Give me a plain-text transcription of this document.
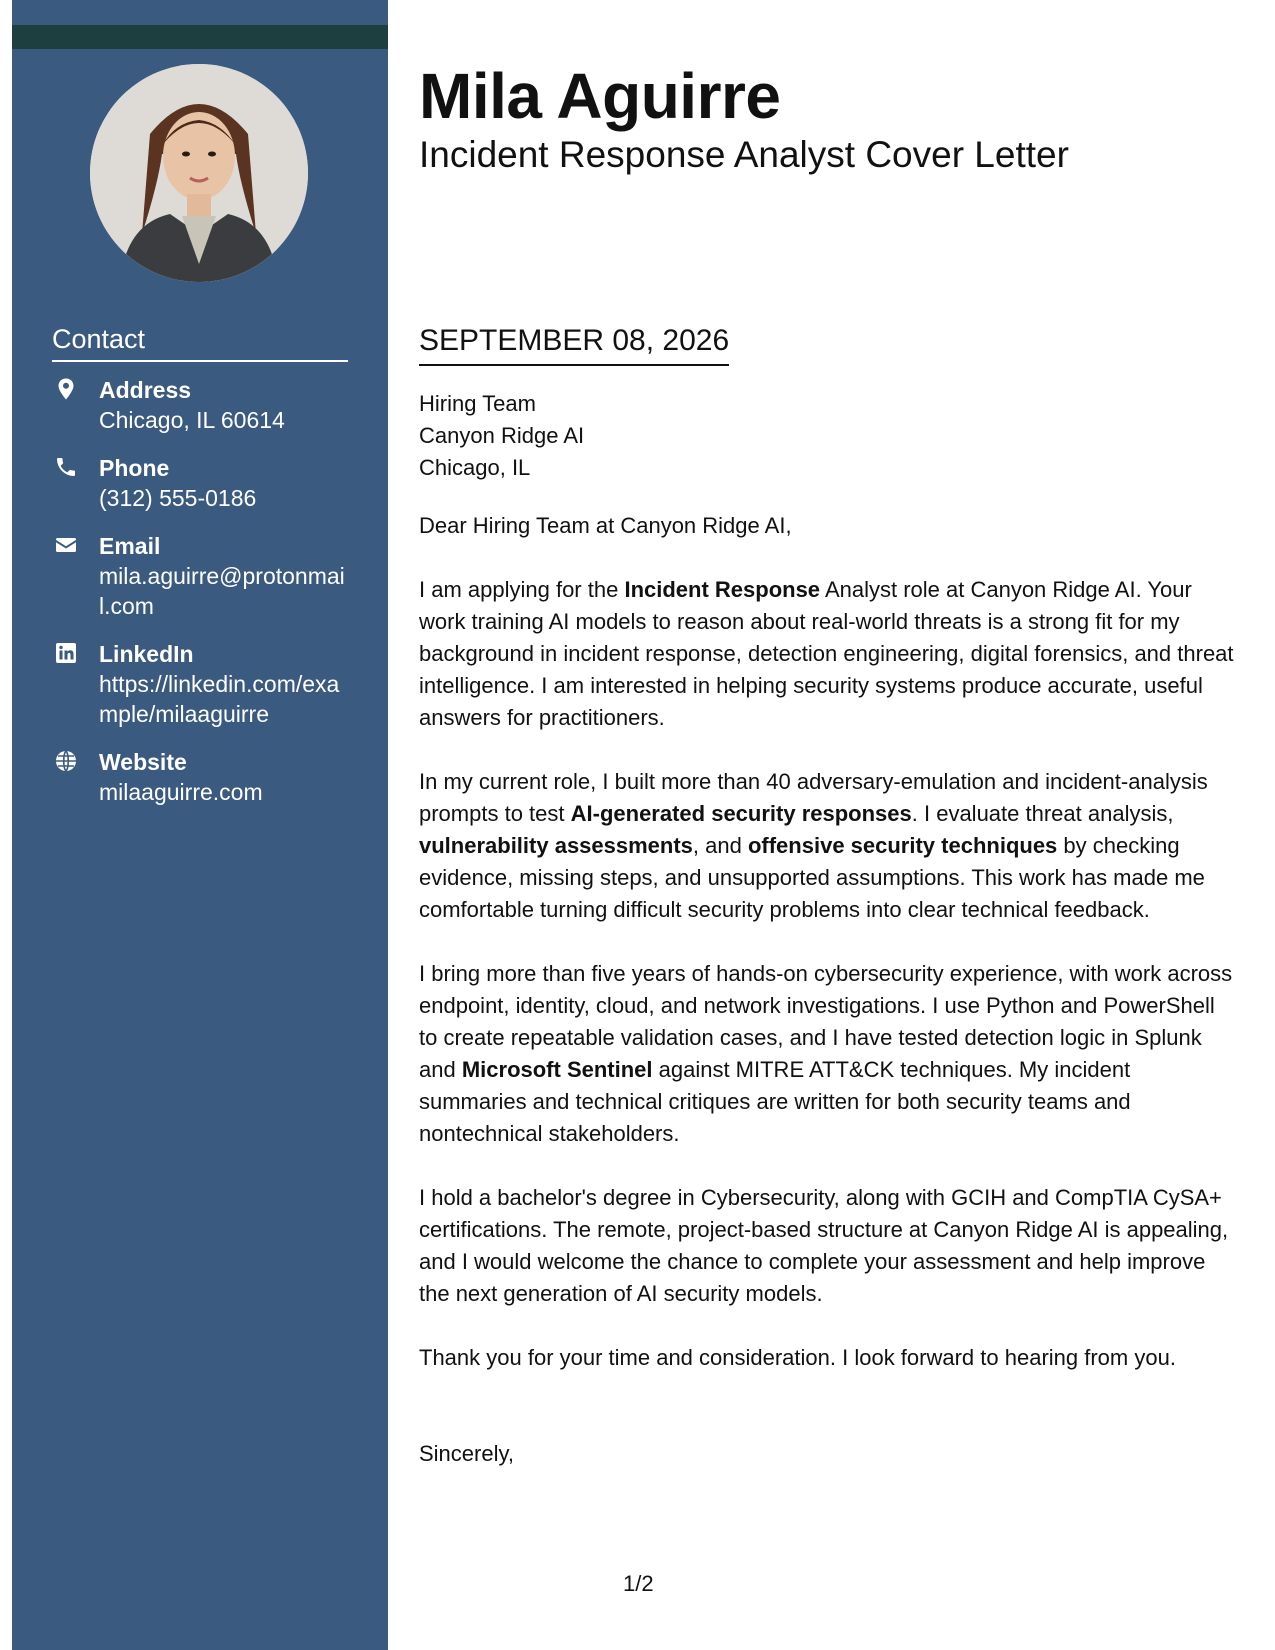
Contact
Address
Chicago, IL 60614
Phone
(312) 555-0186
Email
mila.aguirre@protonmail.com
LinkedIn
https://linkedin.com/example/milaaguirre
Website
milaaguirre.com
Mila Aguirre
Incident Response Analyst Cover Letter
SEPTEMBER 08, 2026

Hiring Team
Canyon Ridge AI
Chicago, IL

Dear Hiring Team at Canyon Ridge AI,

I am applying for the Incident Response Analyst role at Canyon Ridge AI. Your work training AI models to reason about real-world threats is a strong fit for my background in incident response, detection engineering, digital forensics, and threat intelligence. I am interested in helping security systems produce accurate, useful answers for practitioners.

In my current role, I built more than 40 adversary-emulation and incident-analysis prompts to test AI-generated security responses. I evaluate threat analysis, vulnerability assessments, and offensive security techniques by checking evidence, missing steps, and unsupported assumptions. This work has made me comfortable turning difficult security problems into clear technical feedback.

I bring more than five years of hands-on cybersecurity experience, with work across endpoint, identity, cloud, and network investigations. I use Python and PowerShell to create repeatable validation cases, and I have tested detection logic in Splunk and Microsoft Sentinel against MITRE ATT&CK techniques. My incident summaries and technical critiques are written for both security teams and nontechnical stakeholders.

I hold a bachelor's degree in Cybersecurity, along with GCIH and CompTIA CySA+ certifications. The remote, project-based structure at Canyon Ridge AI is appealing, and I would welcome the chance to complete your assessment and help improve the next generation of AI security models.

Thank you for your time and consideration. I look forward to hearing from you.

Sincerely,

1/2
